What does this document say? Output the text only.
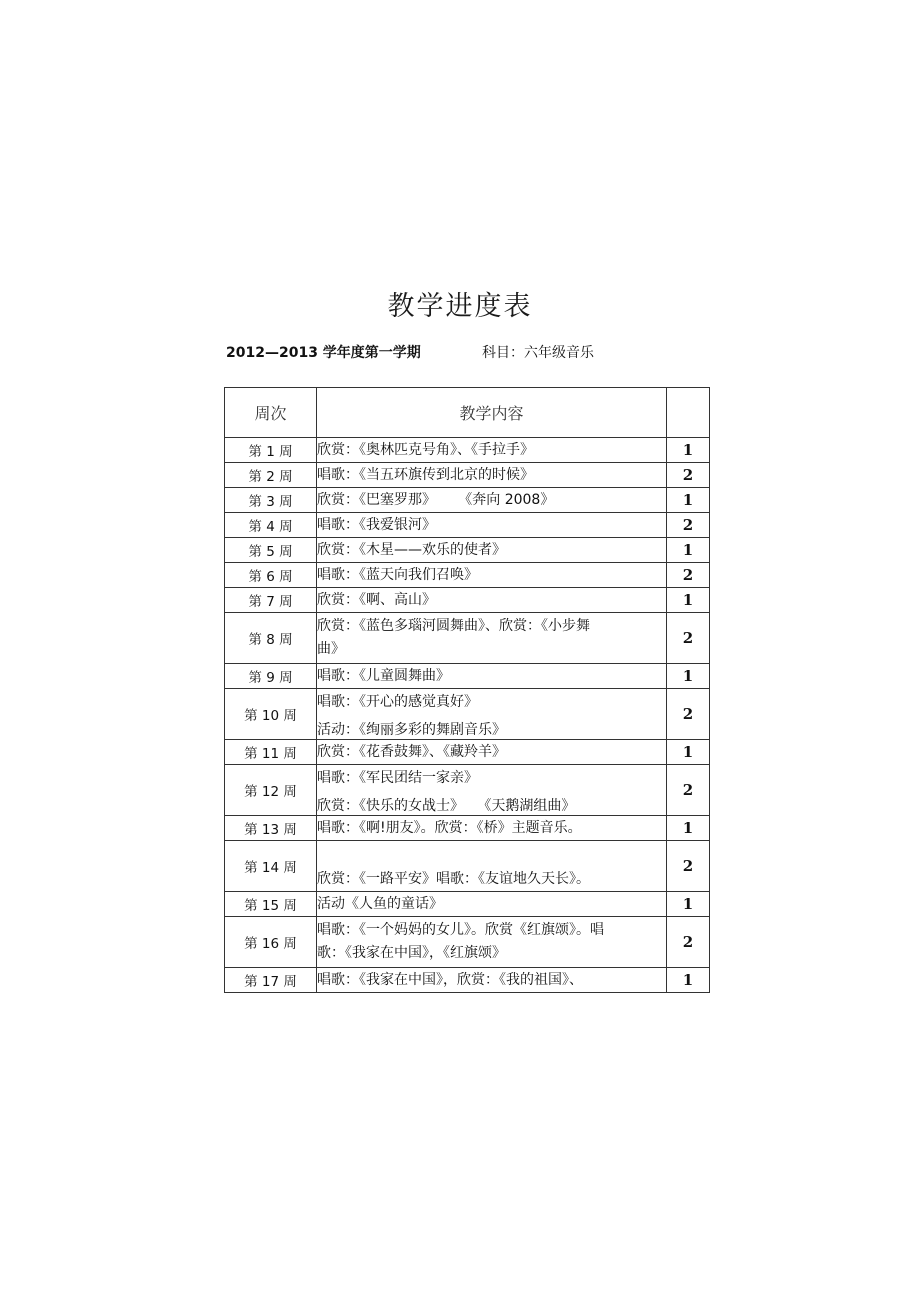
教学进度表
2012—2013 学年度第一学期	科目：六年级音乐
周次	教学内容	
第 1 周	欣赏：《奥林匹克号角》、《手拉手》	1
第 2 周	唱歌：《当五环旗传到北京的时候》	2
第 3 周	欣赏：《巴塞罗那》     《奔向 2008》	1
第 4 周	唱歌：《我爱银河》	2
第 5 周	欣赏：《木星——欢乐的使者》	1
第 6 周	唱歌：《蓝天向我们召唤》	2
第 7 周	欣赏：《啊、高山》	1
第 8 周	欣赏：《蓝色多瑙河圆舞曲》、欣赏：《小步舞
曲》	2
第 9 周	唱歌：《儿童圆舞曲》	1
第 10 周	唱歌：《开心的感觉真好》
活动：《绚丽多彩的舞剧音乐》	2
第 11 周	欣赏：《花香鼓舞》、《藏羚羊》	1
第 12 周	唱歌：《军民团结一家亲》
欣赏：《快乐的女战士》   《天鹅湖组曲》	2
第 13 周	唱歌：《啊!朋友》。欣赏：《桥》主题音乐。	1
第 14 周	欣赏：《一路平安》唱歌：《友谊地久天长》。	2
第 15 周	活动《人鱼的童话》	1
第 16 周	唱歌：《一个妈妈的女儿》。欣赏《红旗颂》。唱
歌：《我家在中国》，《红旗颂》	2
第 17 周	唱歌：《我家在中国》，欣赏：《我的祖国》、	1
